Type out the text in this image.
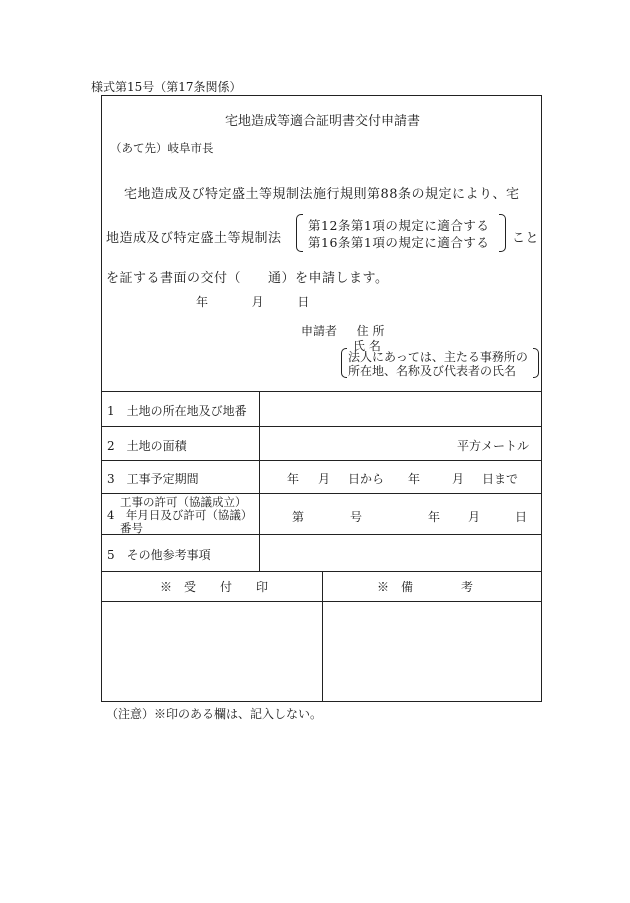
様式第15号（第17条関係）
宅地造成等適合証明書交付申請書
（あて先）岐阜市長
宅地造成及び特定盛土等規制法施行規則第88条の規定により、宅
地造成及び特定盛土等規制法
第12条第1項の規定に適合する
第16条第1項の規定に適合する こと
を証する書面の交付（　　通）を申請します。
年	月	日
申請者 住 所
氏 名
法人にあっては、主たる事務所の
所在地、名称及び代表者の氏名
1　土地の所在地及び地番
2　土地の面積	平方メートル
3　工事予定期間	年 月 日から 年	月 日まで
工事の許可（協議成立）
4　年月日及び許可（協議）
番号
第	号	年 月	日
5　その他参考事項
※　受　　付　　印	※　備　　　　考
（注意）※印のある欄は、記入しない。
